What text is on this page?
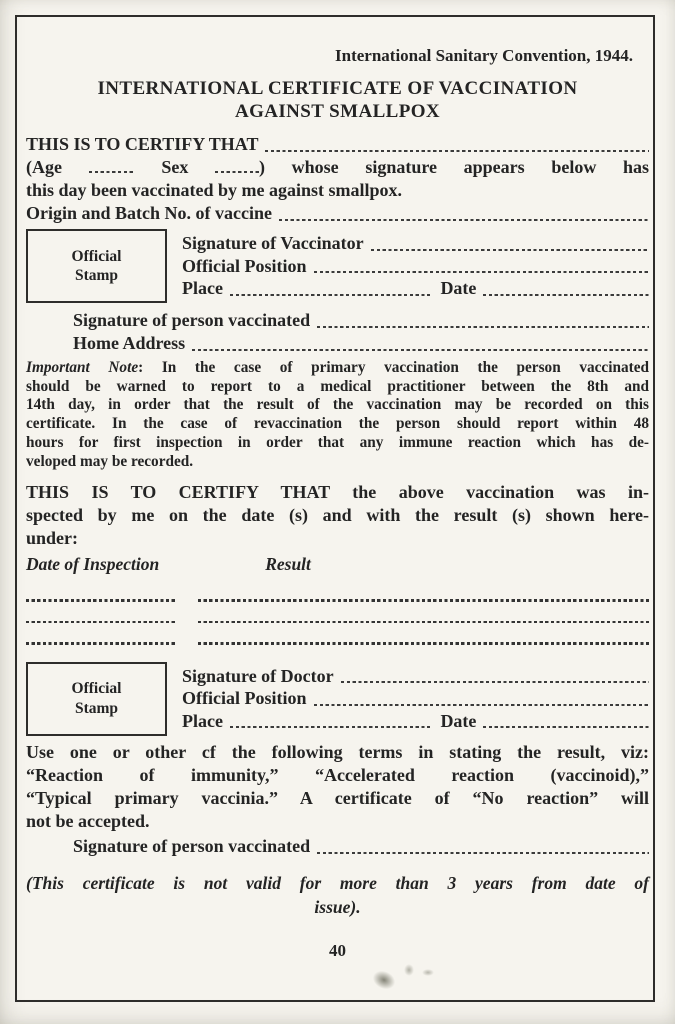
International Sanitary Convention, 1944.
INTERNATIONAL CERTIFICATE OF VACCINATION
AGAINST SMALLPOX
THIS IS TO CERTIFY THAT
(Age	Sex	) whose signature appears below has
this day been vaccinated by me against smallpox.
Origin and Batch No. of vaccine
Official
Stamp
Signature of Vaccinator
Official Position
Place	Date
Signature of person vaccinated
Home Address
Important Note: In the case of primary vaccination the person vaccinated
should be warned to report to a medical practitioner between the 8th and
14th day, in order that the result of the vaccination may be recorded on this
certificate. In the case of revaccination the person should report within 48
hours for first inspection in order that any immune reaction which has de-
veloped may be recorded.
THIS IS TO CERTIFY THAT the above vaccination was in-
spected by me on the date (s) and with the result (s) shown here-
under:
Date of Inspection	Result
Official
Stamp
Signature of Doctor
Official Position
Place	Date
Use one or other cf the following terms in stating the result, viz:
“Reaction of immunity,” “Accelerated reaction (vaccinoid),”
“Typical primary vaccinia.” A certificate of “No reaction” will
not be accepted.
Signature of person vaccinated
(This certificate is not valid for more than 3 years from date of
issue).
40
